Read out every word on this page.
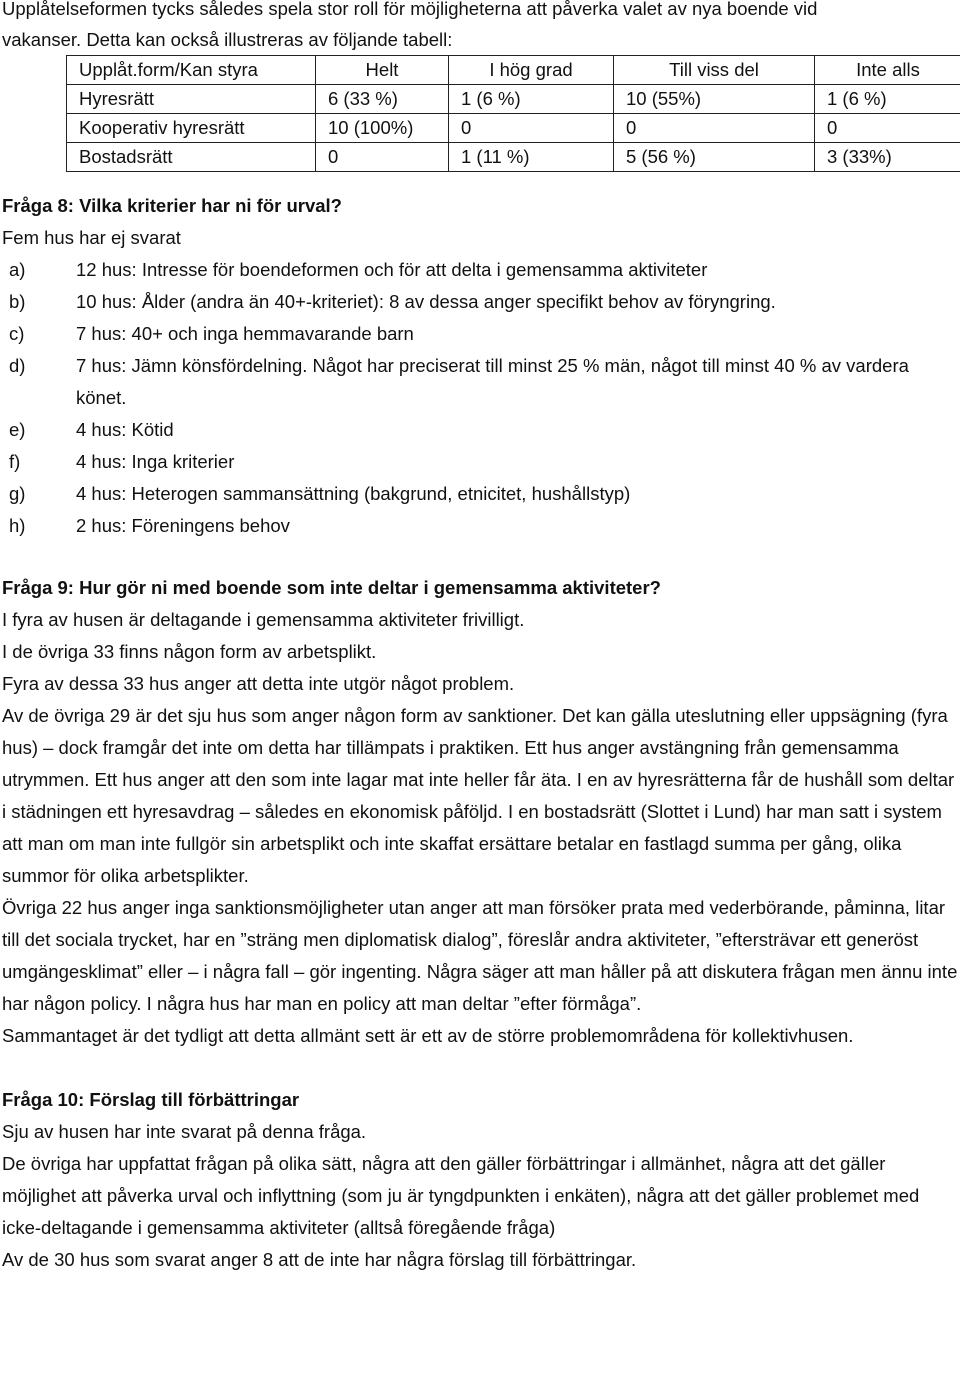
Upplåtelseformen tycks således spela stor roll för möjligheterna att påverka valet av nya boende vid

vakanser. Detta kan också illustreras av följande tabell:

Upplåt.form/Kan styra	Helt	I hög grad	Till viss del	Inte alls
Hyresrätt	6 (33 %)	1 (6 %)	10 (55%)	1 (6 %)
Kooperativ hyresrätt	10 (100%)	0	0	0
Bostadsrätt	0	1 (11 %)	5 (56 %)	3 (33%)

Fråga 8: Vilka kriterier har ni för urval?

Fem hus har ej svarat

a)	12 hus: Intresse för boendeformen och för att delta i gemensamma aktiviteter
b)	10 hus: Ålder (andra än 40+-kriteriet): 8 av dessa anger specifikt behov av föryngring.
c)	7 hus: 40+ och inga hemmavarande barn
d)	7 hus: Jämn könsfördelning. Något har preciserat till minst 25 % män, något till minst 40 % av vardera könet.
e)	4 hus: Kötid
f)	4 hus: Inga kriterier
g)	4 hus: Heterogen sammansättning (bakgrund, etnicitet, hushållstyp)
h)	2 hus: Föreningens behov

Fråga 9: Hur gör ni med boende som inte deltar i gemensamma aktiviteter?

I fyra av husen är deltagande i gemensamma aktiviteter frivilligt.

I de övriga 33 finns någon form av arbetsplikt.

Fyra av dessa 33 hus anger att detta inte utgör något problem.

Av de övriga 29 är det sju hus som anger någon form av sanktioner. Det kan gälla uteslutning eller uppsägning (fyra hus) – dock framgår det inte om detta har tillämpats i praktiken. Ett hus anger avstängning från gemensamma utrymmen. Ett hus anger att den som inte lagar mat inte heller får äta. I en av hyresrätterna får de hushåll som deltar i städningen ett hyresavdrag – således en ekonomisk påföljd. I en bostadsrätt (Slottet i Lund) har man satt i system att man om man inte fullgör sin arbetsplikt och inte skaffat ersättare betalar en fastlagd summa per gång, olika summor för olika arbetsplikter.

Övriga 22 hus anger inga sanktionsmöjligheter utan anger att man försöker prata med vederbörande, påminna, litar till det sociala trycket, har en ”sträng men diplomatisk dialog”, föreslår andra aktiviteter, ”eftersträvar ett generöst umgängesklimat” eller – i några fall – gör ingenting. Några säger att man håller på att diskutera frågan men ännu inte har någon policy. I några hus har man en policy att man deltar ”efter förmåga”.

Sammantaget är det tydligt att detta allmänt sett är ett av de större problemområdena för kollektivhusen.

Fråga 10: Förslag till förbättringar

Sju av husen har inte svarat på denna fråga.

De övriga har uppfattat frågan på olika sätt, några att den gäller förbättringar i allmänhet, några att det gäller möjlighet att påverka urval och inflyttning (som ju är tyngdpunkten i enkäten), några att det gäller problemet med icke-deltagande i gemensamma aktiviteter (alltså föregående fråga)

Av de 30 hus som svarat anger 8 att de inte har några förslag till förbättringar.
